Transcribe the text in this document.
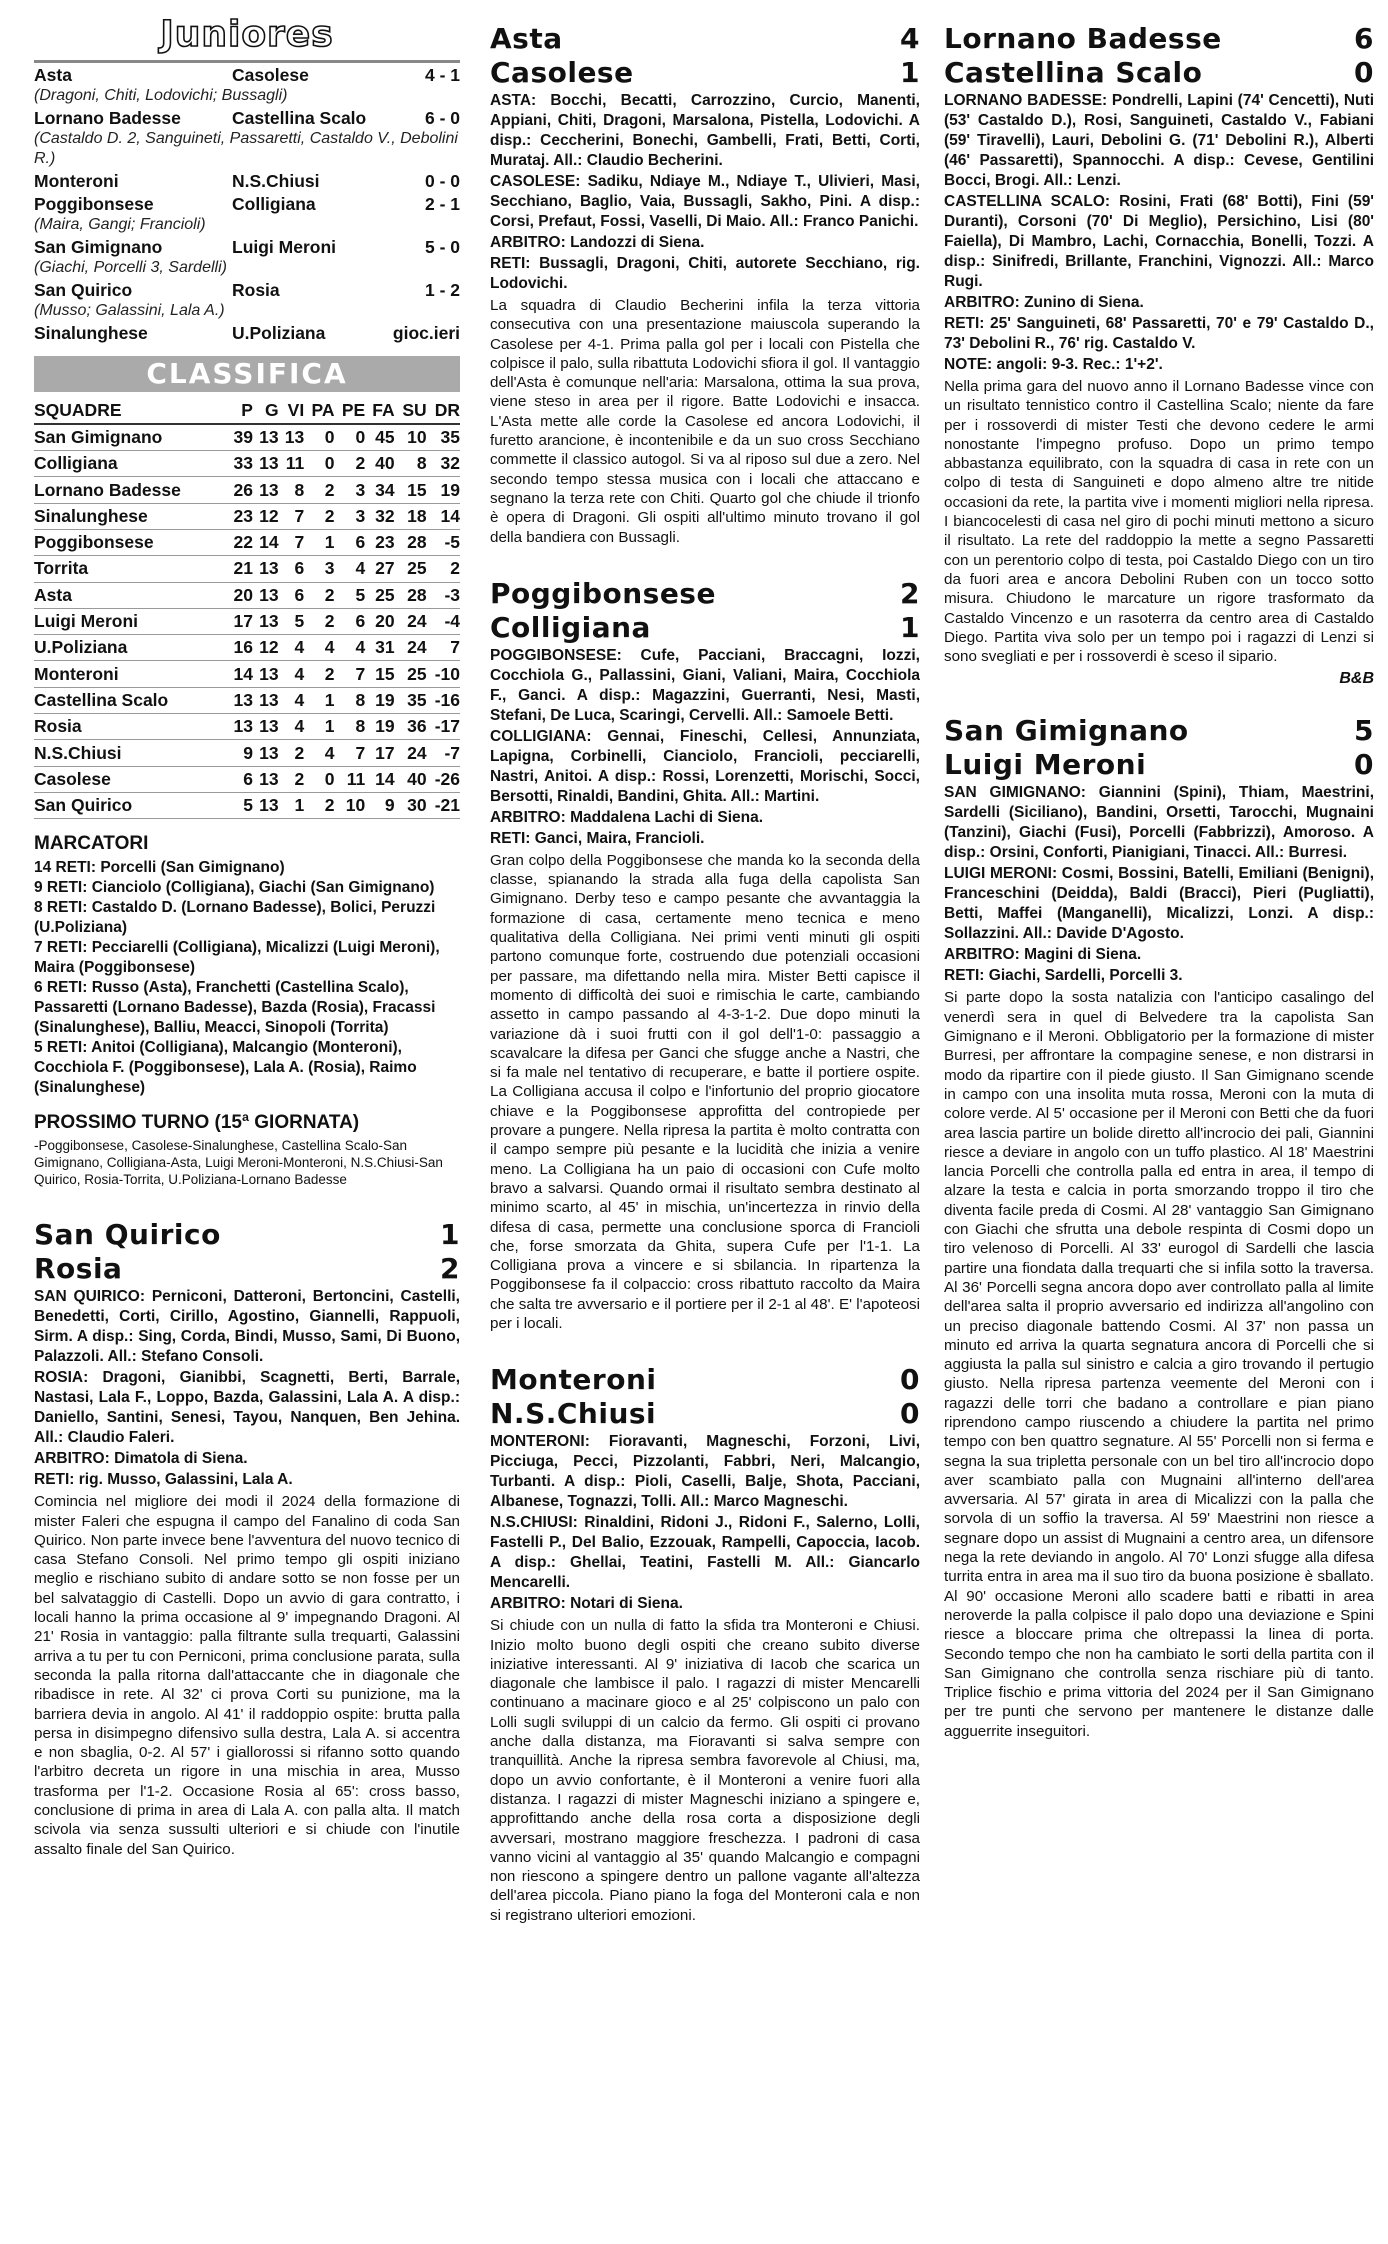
Juniores
Asta	Casolese	4 - 1
(Dragoni, Chiti, Lodovichi; Bussagli)
Lornano Badesse	Castellina Scalo	6 - 0
(Castaldo D. 2, Sanguineti, Passaretti, Castaldo V., Debolini R.)
Monteroni	N.S.Chiusi	0 - 0
Poggibonsese	Colligiana	2 - 1
(Maira, Gangi; Francioli)
San Gimignano	Luigi Meroni	5 - 0
(Giachi, Porcelli 3, Sardelli)
San Quirico	Rosia	1 - 2
(Musso; Galassini, Lala A.)
Sinalunghese	U.Poliziana	gioc.ieri
CLASSIFICA
SQUADRE	P	G	VI	PA	PE	FA	SU	DR
San Gimignano	39	13	13	0	0	45	10	35
Colligiana	33	13	11	0	2	40	8	32
Lornano Badesse	26	13	8	2	3	34	15	19
Sinalunghese	23	12	7	2	3	32	18	14
Poggibonsese	22	14	7	1	6	23	28	-5
Torrita	21	13	6	3	4	27	25	2
Asta	20	13	6	2	5	25	28	-3
Luigi Meroni	17	13	5	2	6	20	24	-4
U.Poliziana	16	12	4	4	4	31	24	7
Monteroni	14	13	4	2	7	15	25	-10
Castellina Scalo	13	13	4	1	8	19	35	-16
Rosia	13	13	4	1	8	19	36	-17
N.S.Chiusi	9	13	2	4	7	17	24	-7
Casolese	6	13	2	0	11	14	40	-26
San Quirico	5	13	1	2	10	9	30	-21
MARCATORI
14 RETI: Porcelli (San Gimignano)
9 RETI: Cianciolo (Colligiana), Giachi (San Gimignano)
8 RETI: Castaldo D. (Lornano Badesse), Bolici, Peruzzi (U.Poliziana)
7 RETI: Pecciarelli (Colligiana), Micalizzi (Luigi Meroni), Maira (Poggibonsese)
6 RETI: Russo (Asta), Franchetti (Castellina Scalo), Passaretti (Lornano Badesse), Bazda (Rosia), Fracassi (Sinalunghese), Balliu, Meacci, Sinopoli (Torrita)
5 RETI: Anitoi (Colligiana), Malcangio (Monteroni), Cocchiola F. (Poggibonsese), Lala A. (Rosia), Raimo (Sinalunghese)
PROSSIMO TURNO (15ª GIORNATA)
-Poggibonsese, Casolese-Sinalunghese, Castellina Scalo-San Gimignano, Colligiana-Asta, Luigi Meroni-Monteroni, N.S.Chiusi-San Quirico, Rosia-Torrita, U.Poliziana-Lornano Badesse
San Quirico	1
Rosia	2
SAN QUIRICO: Perniconi, Datteroni, Bertoncini, Castelli, Benedetti, Corti, Cirillo, Agostino, Giannelli, Rappuoli, Sirm. A disp.: Sing, Corda, Bindi, Musso, Sami, Di Buono, Palazzoli. All.: Stefano Consoli.
ROSIA: Dragoni, Gianibbi, Scagnetti, Berti, Barrale, Nastasi, Lala F., Loppo, Bazda, Galassini, Lala A. A disp.: Daniello, Santini, Senesi, Tayou, Nanquen, Ben Jehina. All.: Claudio Faleri.
ARBITRO: Dimatola di Siena.
RETI: rig. Musso, Galassini, Lala A.
Comincia nel migliore dei modi il 2024 della formazione di mister Faleri che espugna il campo del Fanalino di coda San Quirico. Non parte invece bene l'avventura del nuovo tecnico di casa Stefano Consoli. Nel primo tempo gli ospiti iniziano meglio e rischiano subito di andare sotto se non fosse per un bel salvataggio di Castelli. Dopo un avvio di gara contratto, i locali hanno la prima occasione al 9' impegnando Dragoni. Al 21' Rosia in vantaggio: palla filtrante sulla trequarti, Galassini arriva a tu per tu con Perniconi, prima conclusione parata, sulla seconda la palla ritorna dall'attaccante che in diagonale che ribadisce in rete. Al 32' ci prova Corti su punizione, ma la barriera devia in angolo. Al 41' il raddoppio ospite: brutta palla persa in disimpegno difensivo sulla destra, Lala A. si accentra e non sbaglia, 0-2. Al 57' i giallorossi si rifanno sotto quando l'arbitro decreta un rigore in una mischia in area, Musso trasforma per l'1-2. Occasione Rosia al 65': cross basso, conclusione di prima in area di Lala A. con palla alta. Il match scivola via senza sussulti ulteriori e si chiude con l'inutile assalto finale del San Quirico.
Asta	4
Casolese	1
ASTA: Bocchi, Becatti, Carrozzino, Curcio, Manenti, Appiani, Chiti, Dragoni, Marsalona, Pistella, Lodovichi. A disp.: Ceccherini, Bonechi, Gambelli, Frati, Betti, Corti, Murataj. All.: Claudio Becherini.
CASOLESE: Sadiku, Ndiaye M., Ndiaye T., Ulivieri, Masi, Secchiano, Baglio, Vaia, Bussagli, Sakho, Pini. A disp.: Corsi, Prefaut, Fossi, Vaselli, Di Maio. All.: Franco Panichi.
ARBITRO: Landozzi di Siena.
RETI: Bussagli, Dragoni, Chiti, autorete Secchiano, rig. Lodovichi.
La squadra di Claudio Becherini infila la terza vittoria consecutiva con una presentazione maiuscola superando la Casolese per 4-1. Prima palla gol per i locali con Pistella che colpisce il palo, sulla ribattuta Lodovichi sfiora il gol. Il vantaggio dell'Asta è comunque nell'aria: Marsalona, ottima la sua prova, viene steso in area per il rigore. Batte Lodovichi e insacca. L'Asta mette alle corde la Casolese ed ancora Lodovichi, il furetto arancione, è incontenibile e da un suo cross Secchiano commette il classico autogol. Si va al riposo sul due a zero. Nel secondo tempo stessa musica con i locali che attaccano e segnano la terza rete con Chiti. Quarto gol che chiude il trionfo è opera di Dragoni. Gli ospiti all'ultimo minuto trovano il gol della bandiera con Bussagli.
Poggibonsese	2
Colligiana	1
POGGIBONSESE: Cufe, Pacciani, Braccagni, Iozzi, Cocchiola G., Pallassini, Giani, Valiani, Maira, Cocchiola F., Ganci. A disp.: Magazzini, Guerranti, Nesi, Masti, Stefani, De Luca, Scaringi, Cervelli. All.: Samoele Betti.
COLLIGIANA: Gennai, Fineschi, Cellesi, Annunziata, Lapigna, Corbinelli, Cianciolo, Francioli, pecciarelli, Nastri, Anitoi. A disp.: Rossi, Lorenzetti, Morischi, Socci, Bersotti, Rinaldi, Bandini, Ghita. All.: Martini.
ARBITRO: Maddalena Lachi di Siena.
RETI: Ganci, Maira, Francioli.
Gran colpo della Poggibonsese che manda ko la seconda della classe, spianando la strada alla fuga della capolista San Gimignano. Derby teso e campo pesante che avvantaggia la formazione di casa, certamente meno tecnica e meno qualitativa della Colligiana. Nei primi venti minuti gli ospiti partono comunque forte, costruendo due potenziali occasioni per passare, ma difettando nella mira. Mister Betti capisce il momento di difficoltà dei suoi e rimischia le carte, cambiando assetto in campo passando al 4-3-1-2. Due dopo minuti la variazione dà i suoi frutti con il gol dell'1-0: passaggio a scavalcare la difesa per Ganci che sfugge anche a Nastri, che si fa male nel tentativo di recuperare, e batte il portiere ospite. La Colligiana accusa il colpo e l'infortunio del proprio giocatore chiave e la Poggibonsese approfitta del contropiede per provare a pungere. Nella ripresa la partita è molto contratta con il campo sempre più pesante e la lucidità che inizia a venire meno. La Colligiana ha un paio di occasioni con Cufe molto bravo a salvarsi. Quando ormai il risultato sembra destinato al minimo scarto, al 45' in mischia, un'incertezza in rinvio della difesa di casa, permette una conclusione sporca di Francioli che, forse smorzata da Ghita, supera Cufe per l'1-1. La Colligiana prova a vincere e si sbilancia. In ripartenza la Poggibonsese fa il colpaccio: cross ribattuto raccolto da Maira che salta tre avversario e il portiere per il 2-1 al 48'. E' l'apoteosi per i locali.
Monteroni	0
N.S.Chiusi	0
MONTERONI: Fioravanti, Magneschi, Forzoni, Livi, Picciuga, Pecci, Pizzolanti, Fabbri, Neri, Malcangio, Turbanti. A disp.: Pioli, Caselli, Balje, Shota, Pacciani, Albanese, Tognazzi, Tolli. All.: Marco Magneschi.
N.S.CHIUSI: Rinaldini, Ridoni J., Ridoni F., Salerno, Lolli, Fastelli P., Del Balio, Ezzouak, Rampelli, Capoccia, Iacob. A disp.: Ghellai, Teatini, Fastelli M. All.: Giancarlo Mencarelli.
ARBITRO: Notari di Siena.
Si chiude con un nulla di fatto la sfida tra Monteroni e Chiusi. Inizio molto buono degli ospiti che creano subito diverse iniziative interessanti. Al 9' iniziativa di Iacob che scarica un diagonale che lambisce il palo. I ragazzi di mister Mencarelli continuano a macinare gioco e al 25' colpiscono un palo con Lolli sugli sviluppi di un calcio da fermo. Gli ospiti ci provano anche dalla distanza, ma Fioravanti si salva sempre con tranquillità. Anche la ripresa sembra favorevole al Chiusi, ma, dopo un avvio confortante, è il Monteroni a venire fuori alla distanza. I ragazzi di mister Magneschi iniziano a spingere e, approfittando anche della rosa corta a disposizione degli avversari, mostrano maggiore freschezza. I padroni di casa vanno vicini al vantaggio al 35' quando Malcangio e compagni non riescono a spingere dentro un pallone vagante all'altezza dell'area piccola. Piano piano la foga del Monteroni cala e non si registrano ulteriori emozioni.
Lornano Badesse	6
Castellina Scalo	0
LORNANO BADESSE: Pondrelli, Lapini (74' Cencetti), Nuti (53' Castaldo D.), Rosi, Sanguineti, Castaldo V., Fabiani (59' Tiravelli), Lauri, Debolini G. (71' Debolini R.), Alberti (46' Passaretti), Spannocchi. A disp.: Cevese, Gentilini Bocci, Brogi. All.: Lenzi.
CASTELLINA SCALO: Rosini, Frati (68' Botti), Fini (59' Duranti), Corsoni (70' Di Meglio), Persichino, Lisi (80' Faiella), Di Mambro, Lachi, Cornacchia, Bonelli, Tozzi. A disp.: Sinifredi, Brillante, Franchini, Vignozzi. All.: Marco Rugi.
ARBITRO: Zunino di Siena.
RETI: 25' Sanguineti, 68' Passaretti, 70' e 79' Castaldo D., 73' Debolini R., 76' rig. Castaldo V.
NOTE: angoli: 9-3. Rec.: 1'+2'.
Nella prima gara del nuovo anno il Lornano Badesse vince con un risultato tennistico contro il Castellina Scalo; niente da fare per i rossoverdi di mister Testi che devono cedere le armi nonostante l'impegno profuso. Dopo un primo tempo abbastanza equilibrato, con la squadra di casa in rete con un colpo di testa di Sanguineti e dopo almeno altre tre nitide occasioni da rete, la partita vive i momenti migliori nella ripresa. I biancocelesti di casa nel giro di pochi minuti mettono a sicuro il risultato. La rete del raddoppio la mette a segno Passaretti con un perentorio colpo di testa, poi Castaldo Diego con un tiro da fuori area e ancora Debolini Ruben con un tocco sotto misura. Chiudono le marcature un rigore trasformato da Castaldo Vincenzo e un rasoterra da centro area di Castaldo Diego. Partita viva solo per un tempo poi i ragazzi di Lenzi si sono svegliati e per i rossoverdi è sceso il sipario.
B&B
San Gimignano	5
Luigi Meroni	0
SAN GIMIGNANO: Giannini (Spini), Thiam, Maestrini, Sardelli (Siciliano), Bandini, Orsetti, Tarocchi, Mugnaini (Tanzini), Giachi (Fusi), Porcelli (Fabbrizzi), Amoroso. A disp.: Orsini, Conforti, Pianigiani, Tinacci. All.: Burresi.
LUIGI MERONI: Cosmi, Bossini, Batelli, Emiliani (Benigni), Franceschini (Deidda), Baldi (Bracci), Pieri (Pugliatti), Betti, Maffei (Manganelli), Micalizzi, Lonzi. A disp.: Sollazzini. All.: Davide D'Agosto.
ARBITRO: Magini di Siena.
RETI: Giachi, Sardelli, Porcelli 3.
Si parte dopo la sosta natalizia con l'anticipo casalingo del venerdì sera in quel di Belvedere tra la capolista San Gimignano e il Meroni. Obbligatorio per la formazione di mister Burresi, per affrontare la compagine senese, e non distrarsi in modo da ripartire con il piede giusto. Il San Gimignano scende in campo con una insolita muta rossa, Meroni con la muta di colore verde. Al 5' occasione per il Meroni con Betti che da fuori area lascia partire un bolide diretto all'incrocio dei pali, Giannini riesce a deviare in angolo con un tuffo plastico. Al 18' Maestrini lancia Porcelli che controlla palla ed entra in area, il tempo di alzare la testa e calcia in porta smorzando troppo il tiro che diventa facile preda di Cosmi. Al 28' vantaggio San Gimignano con Giachi che sfrutta una debole respinta di Cosmi dopo un tiro velenoso di Porcelli. Al 33' eurogol di Sardelli che lascia partire una fiondata dalla trequarti che si infila sotto la traversa. Al 36' Porcelli segna ancora dopo aver controllato palla al limite dell'area salta il proprio avversario ed indirizza all'angolino con un preciso diagonale battendo Cosmi. Al 37' non passa un minuto ed arriva la quarta segnatura ancora di Porcelli che si aggiusta la palla sul sinistro e calcia a giro trovando il pertugio giusto. Nella ripresa partenza veemente del Meroni con i ragazzi delle torri che badano a controllare e pian piano riprendono campo riuscendo a chiudere la partita nel primo tempo con ben quattro segnature. Al 55' Porcelli non si ferma e segna la sua tripletta personale con un bel tiro all'incrocio dopo aver scambiato palla con Mugnaini all'interno dell'area avversaria. Al 57' girata in area di Micalizzi con la palla che sorvola di un soffio la traversa. Al 59' Maestrini non riesce a segnare dopo un assist di Mugnaini a centro area, un difensore nega la rete deviando in angolo. Al 70' Lonzi sfugge alla difesa turrita entra in area ma il suo tiro da buona posizione è sballato. Al 90' occasione Meroni allo scadere batti e ribatti in area neroverde la palla colpisce il palo dopo una deviazione e Spini riesce a bloccare prima che oltrepassi la linea di porta. Secondo tempo che non ha cambiato le sorti della partita con il San Gimignano che controlla senza rischiare più di tanto. Triplice fischio e prima vittoria del 2024 per il San Gimignano per tre punti che servono per mantenere le distanze dalle agguerrite inseguitori.
